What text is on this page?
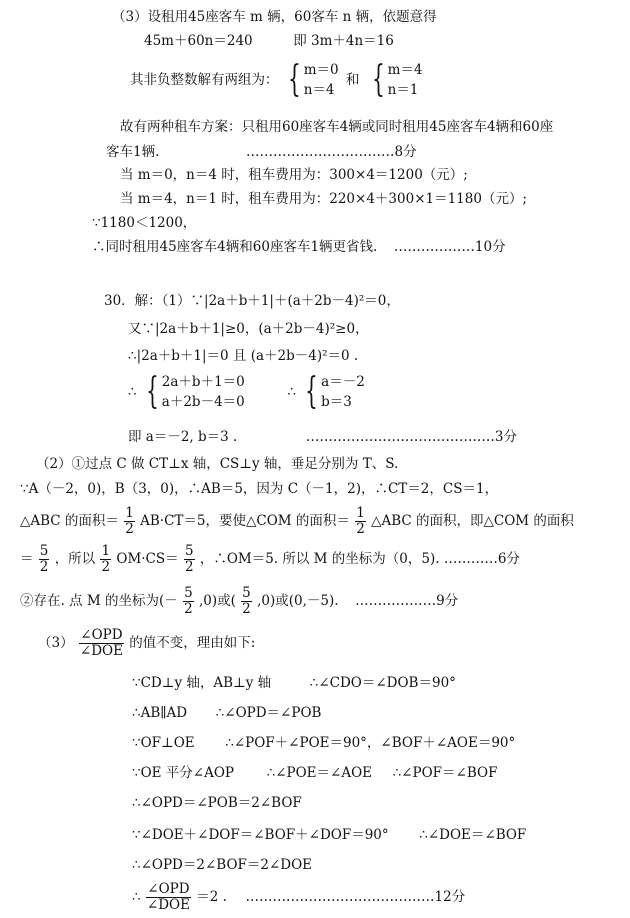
（3）设租用45座客车 m 辆，60客车 n 辆，依题意得
45m＋60n＝240	即 3m＋4n＝16
其非负整数解有两组为： { m＝0
n＝4
和 { m＝4
n＝1
故有两种租车方案：只租用60座客车4辆或同时租用45座客车4辆和60座
客车1辆.	……………………………8分
当 m＝0，n＝4 时，租车费用为：300×4＝1200（元）;
当 m＝4，n＝1 时，租车费用为：220×4＋300×1＝1180（元）;
∵1180＜1200，
∴同时租用45座客车4辆和60座客车1辆更省钱. ………………10分
30．解：（1）∵|2a＋b＋1|＋(a＋2b－4)²＝0，
又∵|2a＋b＋1|≥0，(a＋2b－4)²≥0，
∴|2a＋b＋1|＝0 且 (a＋2b－4)²＝0 .
∴ { 2a＋b＋1＝0
a＋2b－4＝0
∴ { a＝－2
b＝3
即 a＝－2, b＝3 .	……………………………………3分
（2）①过点 C 做 CT⊥x 轴，CS⊥y 轴，垂足分别为 T、S.
∵A（－2，0)，B（3，0)，∴AB＝5，因为 C（－1，2)，∴CT＝2，CS＝1，
△ABC 的面积＝ $\frac{1}{2} AB\cdot CT=5$，要使△COM 的面积＝ $\frac{1}{2}$ △ABC 的面积，即△COM 的面积
＝ $\frac{5}{2}$ ，所以 $\frac{1}{2} OM\cdot CS= \frac{5}{2}$ ，∴OM＝5. 所以 M 的坐标为（0，5). …………6分
②存在. 点 M 的坐标为(－ $\frac{5}{2} ,0$)或( $\frac{5}{2} ,0$)或(0,－5). ………………9分
$(3) \frac{\text{∠OPD}}{\text{∠DOE}}$ 的值不变，理由如下:
∵CD⊥y 轴，AB⊥y 轴	∴∠CDO＝∠DOB＝90°
∴AB∥AD ∴∠OPD＝∠POB
∵OF⊥OE ∴∠POF＋∠POE＝90°，∠BOF＋∠AOE＝90°
∵OE 平分∠AOP ∴∠POE＝∠AOE ∴∠POF＝∠BOF
∴∠OPD＝∠POB＝2∠BOF
∵∠DOE＋∠DOF＝∠BOF＋∠DOF＝90° ∴∠DOE＝∠BOF
∴∠OPD＝2∠BOF＝2∠DOE
∴ $\frac{\text{∠OPD}}{\text{∠DOE}} =2$ . ……………………………………12分
